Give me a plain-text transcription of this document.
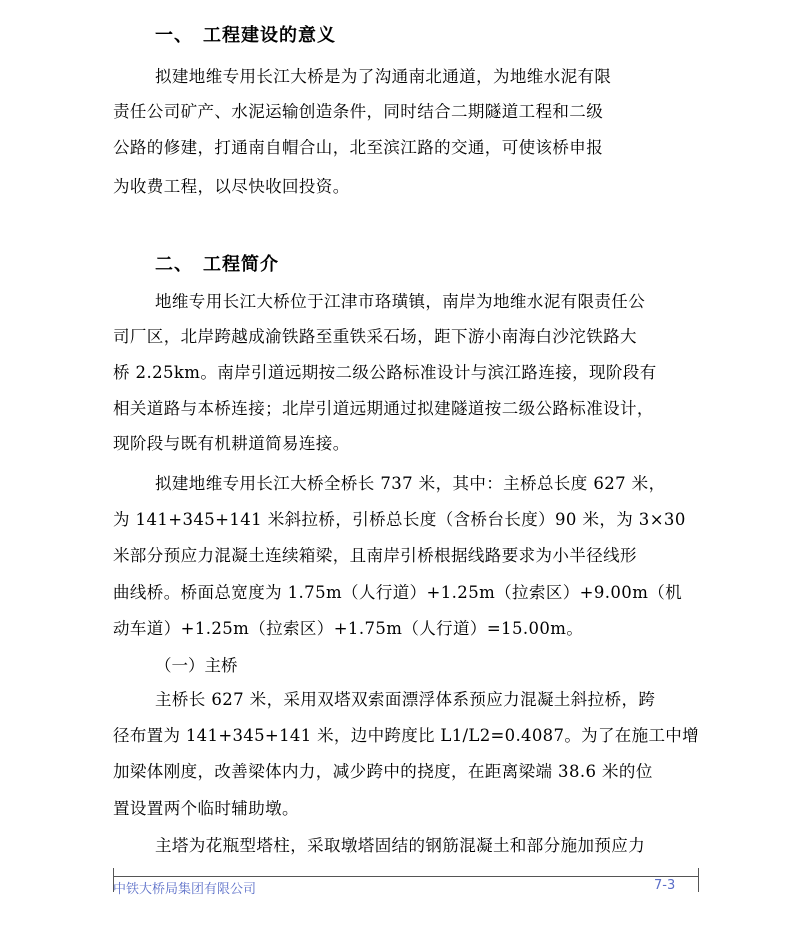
一、 工程建设的意义
拟建地维专用长江大桥是为了沟通南北通道，为地维水泥有限
责任公司矿产、水泥运输创造条件，同时结合二期隧道工程和二级
公路的修建，打通南自帽合山，北至滨江路的交通，可使该桥申报
为收费工程，以尽快收回投资。
二、 工程简介
地维专用长江大桥位于江津市珞璜镇，南岸为地维水泥有限责任公
司厂区，北岸跨越成渝铁路至重铁采石场，距下游小南海白沙沱铁路大
桥 2.25km。南岸引道远期按二级公路标准设计与滨江路连接，现阶段有
相关道路与本桥连接；北岸引道远期通过拟建隧道按二级公路标准设计，
现阶段与既有机耕道简易连接。
拟建地维专用长江大桥全桥长 737 米，其中：主桥总长度 627 米，
为 141+345+141 米斜拉桥，引桥总长度（含桥台长度）90 米，为 3×30
米部分预应力混凝土连续箱梁，且南岸引桥根据线路要求为小半径线形
曲线桥。桥面总宽度为 1.75m（人行道）+1.25m（拉索区）+9.00m（机
动车道）+1.25m（拉索区）+1.75m（人行道）=15.00m。
（一）主桥
主桥长 627 米，采用双塔双索面漂浮体系预应力混凝土斜拉桥，跨
径布置为 141+345+141 米，边中跨度比 L1/L2=0.4087。为了在施工中增
加梁体刚度，改善梁体内力，减少跨中的挠度，在距离梁端 38.6 米的位
置设置两个临时辅助墩。
主塔为花瓶型塔柱，采取墩塔固结的钢筋混凝土和部分施加预应力
中铁大桥局集团有限公司	7-3
